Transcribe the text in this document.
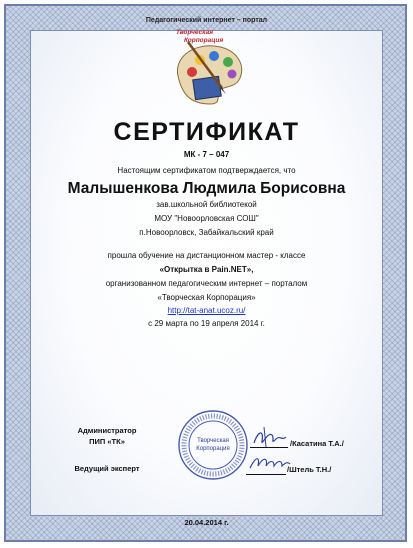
Педагогический интернет – портал
Творческая
Корпорация
СЕРТИФИКАТ
МК - 7 – 047
Настоящим сертификатом подтверждается, что
Малышенкова Людмила Борисовна
зав.школьной библиотекой
МОУ "Новоорловская СОШ"
п.Новоорловск, Забайкальский край
прошла обучение на дистанционном мастер - классе
«Открытка в Pain.NET»,
организованном педагогическим интернет – порталом
«Творческая Корпорация»
http://tat-anat.ucoz.ru/
с 29 марта по 19 апреля 2014 г.
Администратор
ПИП «ТК»
Ведущий эксперт
Творческая
Корпорация
/Касатина Т.А./
/Штель Т.Н./
20.04.2014 г.
